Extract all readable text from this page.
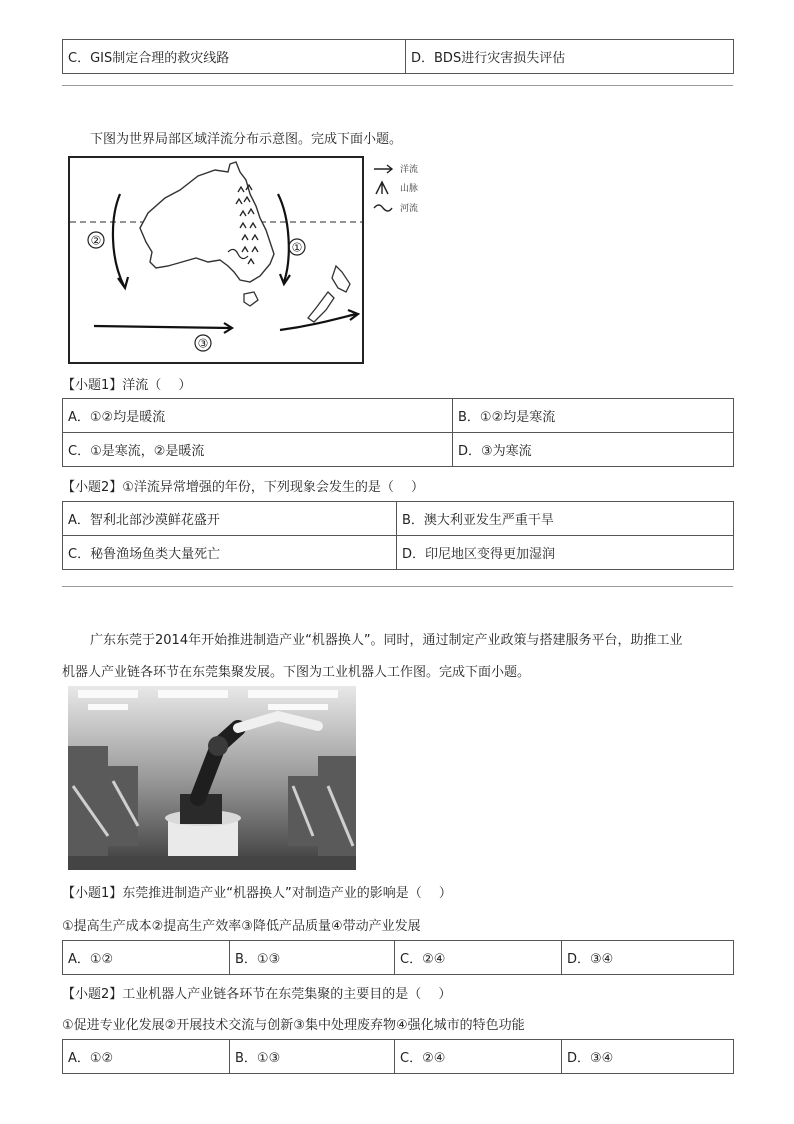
C．GIS制定合理的救灾线路	D．BDS进行灾害损失评估
下图为世界局部区域洋流分布示意图。完成下面小题。
②	①
③
洋流
山脉
河流
【小题1】洋流（　 ）
A．①②均是暖流	B．①②均是寒流
C．①是寒流，②是暖流	D．③为寒流
【小题2】①洋流异常增强的年份，下列现象会发生的是（　 ）
A．智利北部沙漠鲜花盛开	B．澳大利亚发生严重干旱
C．秘鲁渔场鱼类大量死亡	D．印尼地区变得更加湿润
广东东莞于2014年开始推进制造产业“机器换人”。同时，通过制定产业政策与搭建服务平台，助推工业
机器人产业链各环节在东莞集聚发展。下图为工业机器人工作图。完成下面小题。
【小题1】东莞推进制造产业“机器换人”对制造产业的影响是（　 ）
①提高生产成本②提高生产效率③降低产品质量④带动产业发展
A．①②	B．①③	C．②④	D．③④
【小题2】工业机器人产业链各环节在东莞集聚的主要目的是（　 ）
①促进专业化发展②开展技术交流与创新③集中处理废弃物④强化城市的特色功能
A．①②	B．①③	C．②④	D．③④
